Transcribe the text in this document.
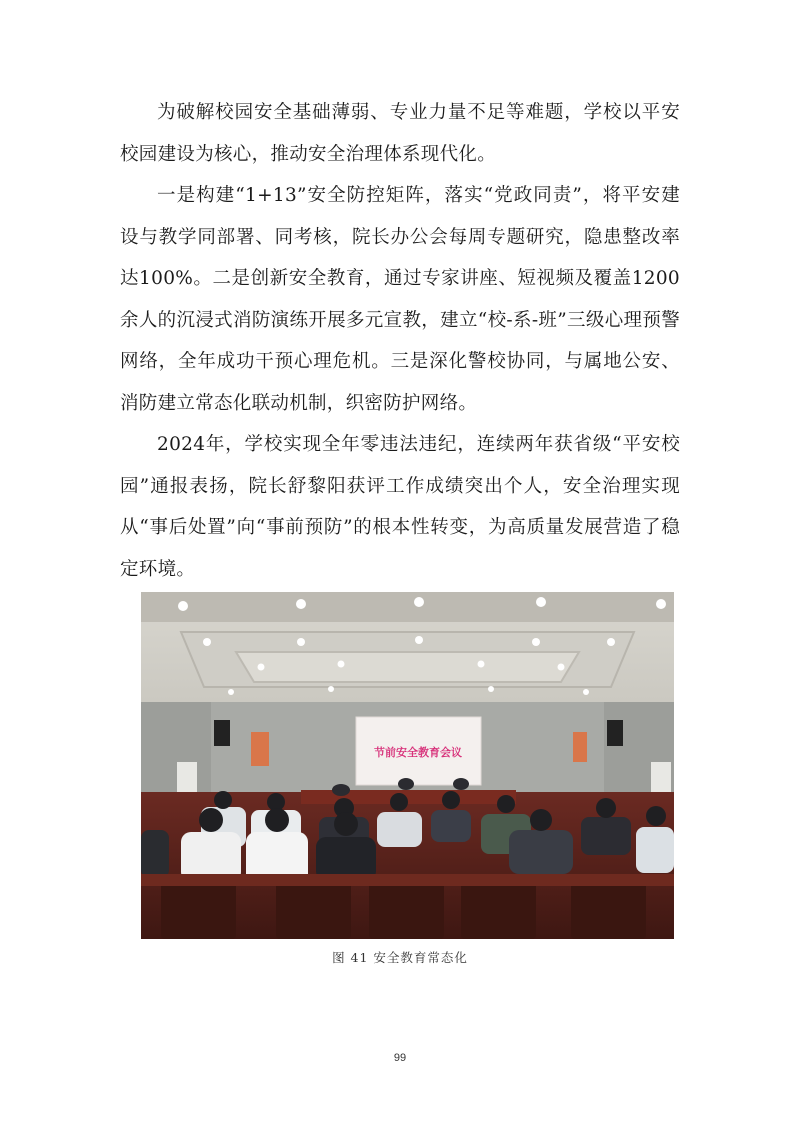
为破解校园安全基础薄弱、专业力量不足等难题，学校以平安校园建设为核心，推动安全治理体系现代化。

一是构建“1+13”安全防控矩阵，落实“党政同责”，将平安建设与教学同部署、同考核，院长办公会每周专题研究，隐患整改率达100%。二是创新安全教育，通过专家讲座、短视频及覆盖1200余人的沉浸式消防演练开展多元宣教，建立“校-系-班”三级心理预警网络，全年成功干预心理危机。三是深化警校协同，与属地公安、消防建立常态化联动机制，织密防护网络。

2024年，学校实现全年零违法违纪，连续两年获省级“平安校园”通报表扬，院长舒黎阳获评工作成绩突出个人，安全治理实现从“事后处置”向“事前预防”的根本性转变，为高质量发展营造了稳定环境。

节前安全教育会议
图 41 安全教育常态化
99
